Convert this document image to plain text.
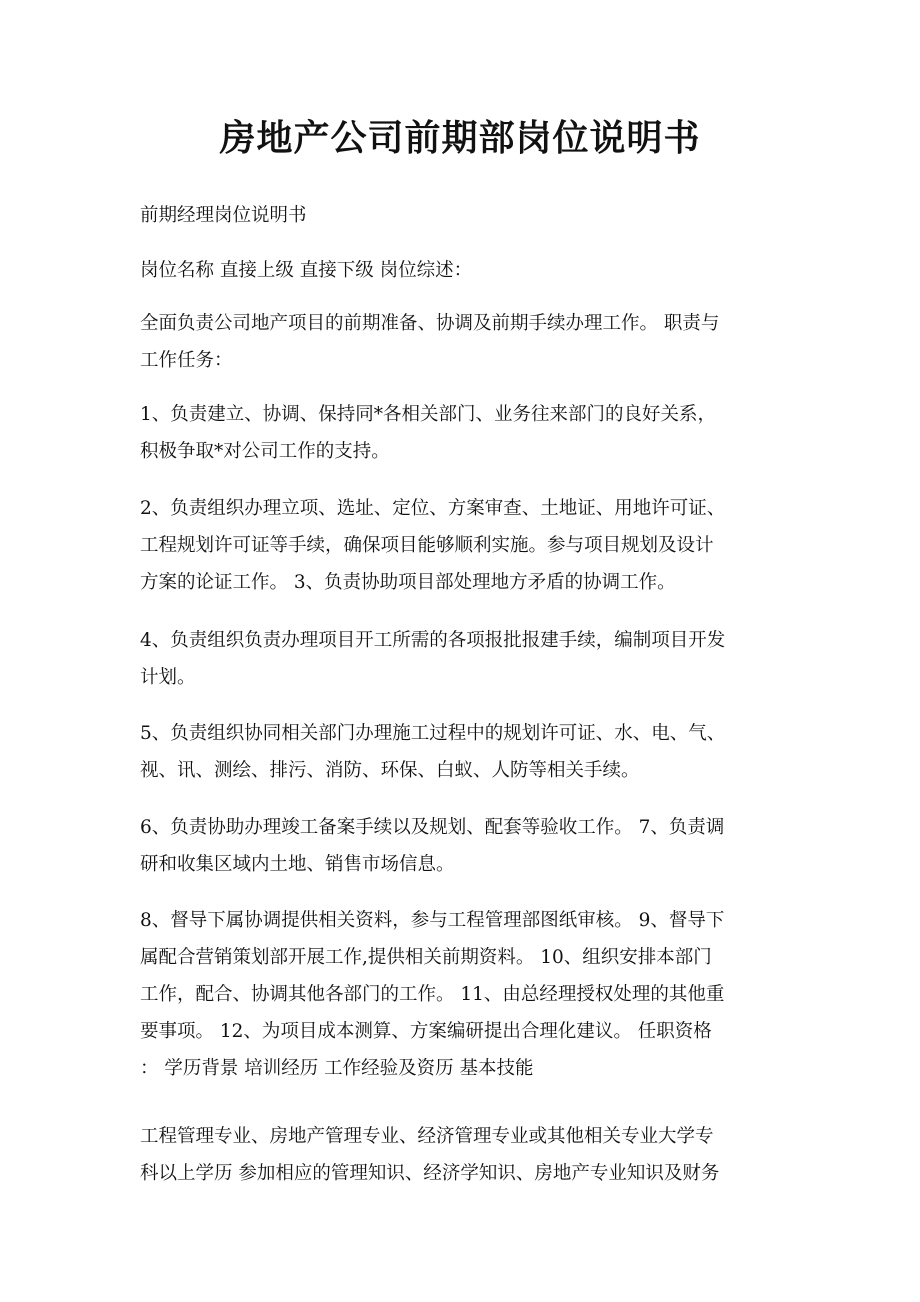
房地产公司前期部岗位说明书

前期经理岗位说明书

岗位名称 直接上级 直接下级 岗位综述：

全面负责公司地产项目的前期准备、协调及前期手续办理工作。 职责与
工作任务：

1、负责建立、协调、保持同*各相关部门、业务往来部门的良好关系，
积极争取*对公司工作的支持。

2、负责组织办理立项、选址、定位、方案审查、土地证、用地许可证、
工程规划许可证等手续，确保项目能够顺利实施。参与项目规划及设计
方案的论证工作。 3、负责协助项目部处理地方矛盾的协调工作。

4、负责组织负责办理项目开工所需的各项报批报建手续，编制项目开发
计划。

5、负责组织协同相关部门办理施工过程中的规划许可证、水、电、气、
视、讯、测绘、排污、消防、环保、白蚁、人防等相关手续。

6、负责协助办理竣工备案手续以及规划、配套等验收工作。 7、负责调
研和收集区域内土地、销售市场信息。

8、督导下属协调提供相关资料，参与工程管理部图纸审核。 9、督导下
属配合营销策划部开展工作,提供相关前期资料。 10、组织安排本部门
工作，配合、协调其他各部门的工作。 11、由总经理授权处理的其他重
要事项。 12、为项目成本测算、方案编研提出合理化建议。 任职资格
： 学历背景 培训经历 工作经验及资历 基本技能

工程管理专业、房地产管理专业、经济管理专业或其他相关专业大学专
科以上学历 参加相应的管理知识、经济学知识、房地产专业知识及财务
